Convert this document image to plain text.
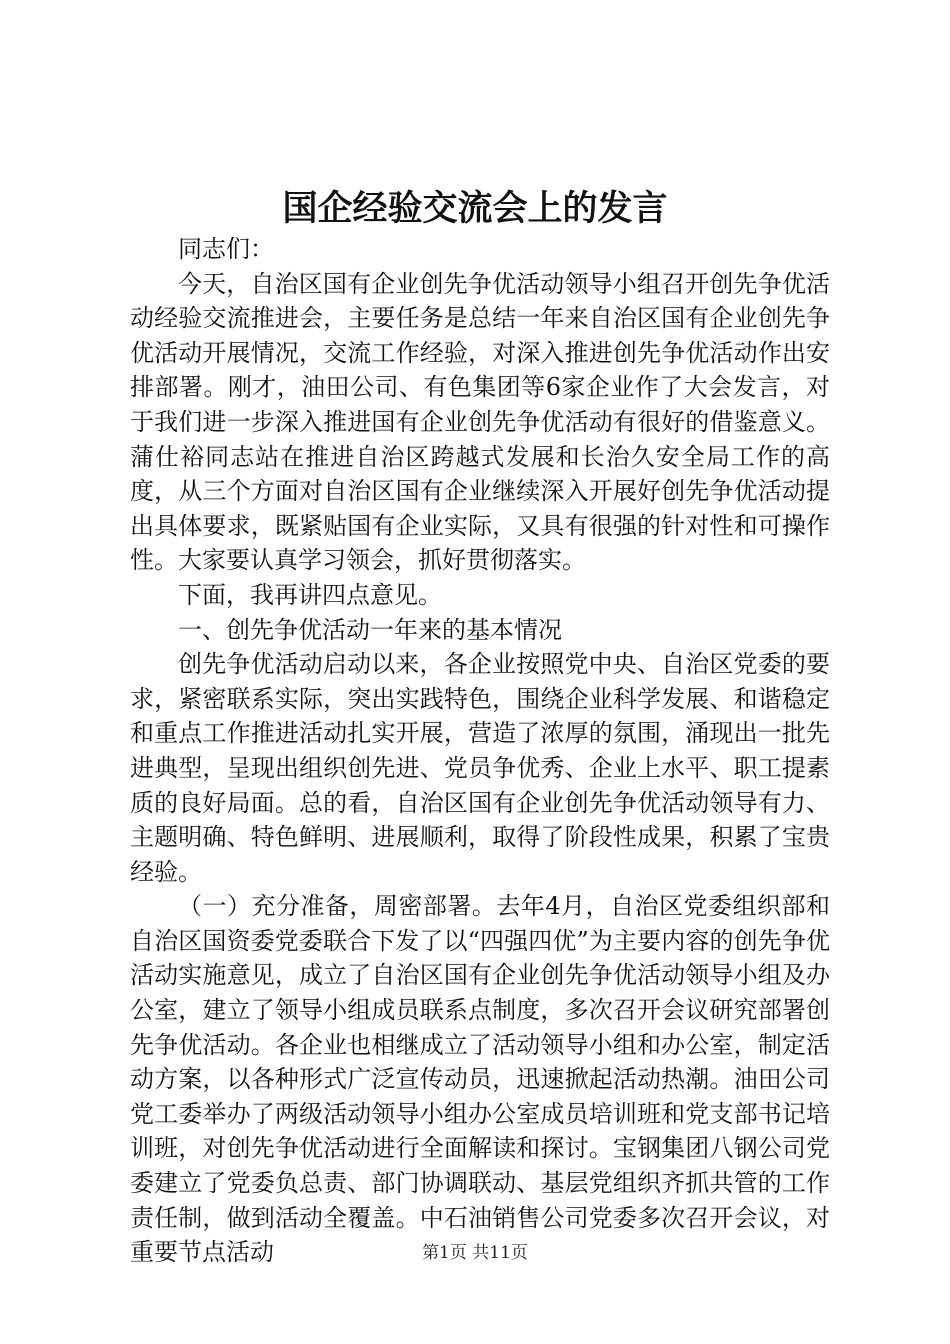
国企经验交流会上的发言

同志们：

今天，自治区国有企业创先争优活动领导小组召开创先争优活动经验交流推进会，主要任务是总结一年来自治区国有企业创先争优活动开展情况，交流工作经验，对深入推进创先争优活动作出安排部署。刚才，油田公司、有色集团等6家企业作了大会发言，对于我们进一步深入推进国有企业创先争优活动有很好的借鉴意义。蒲仕裕同志站在推进自治区跨越式发展和长治久安全局工作的高度，从三个方面对自治区国有企业继续深入开展好创先争优活动提出具体要求，既紧贴国有企业实际，又具有很强的针对性和可操作性。大家要认真学习领会，抓好贯彻落实。

下面，我再讲四点意见。

一、创先争优活动一年来的基本情况

创先争优活动启动以来，各企业按照党中央、自治区党委的要求，紧密联系实际，突出实践特色，围绕企业科学发展、和谐稳定和重点工作推进活动扎实开展，营造了浓厚的氛围，涌现出一批先进典型，呈现出组织创先进、党员争优秀、企业上水平、职工提素质的良好局面。总的看，自治区国有企业创先争优活动领导有力、主题明确、特色鲜明、进展顺利，取得了阶段性成果，积累了宝贵经验。

（一）充分准备，周密部署。去年4月，自治区党委组织部和自治区国资委党委联合下发了以“四强四优”为主要内容的创先争优活动实施意见，成立了自治区国有企业创先争优活动领导小组及办公室，建立了领导小组成员联系点制度，多次召开会议研究部署创先争优活动。各企业也相继成立了活动领导小组和办公室，制定活动方案，以各种形式广泛宣传动员，迅速掀起活动热潮。油田公司党工委举办了两级活动领导小组办公室成员培训班和党支部书记培训班，对创先争优活动进行全面解读和探讨。宝钢集团八钢公司党委建立了党委负总责、部门协调联动、基层党组织齐抓共管的工作责任制，做到活动全覆盖。中石油销售公司党委多次召开会议，对重要节点活动	第1页 共11页
